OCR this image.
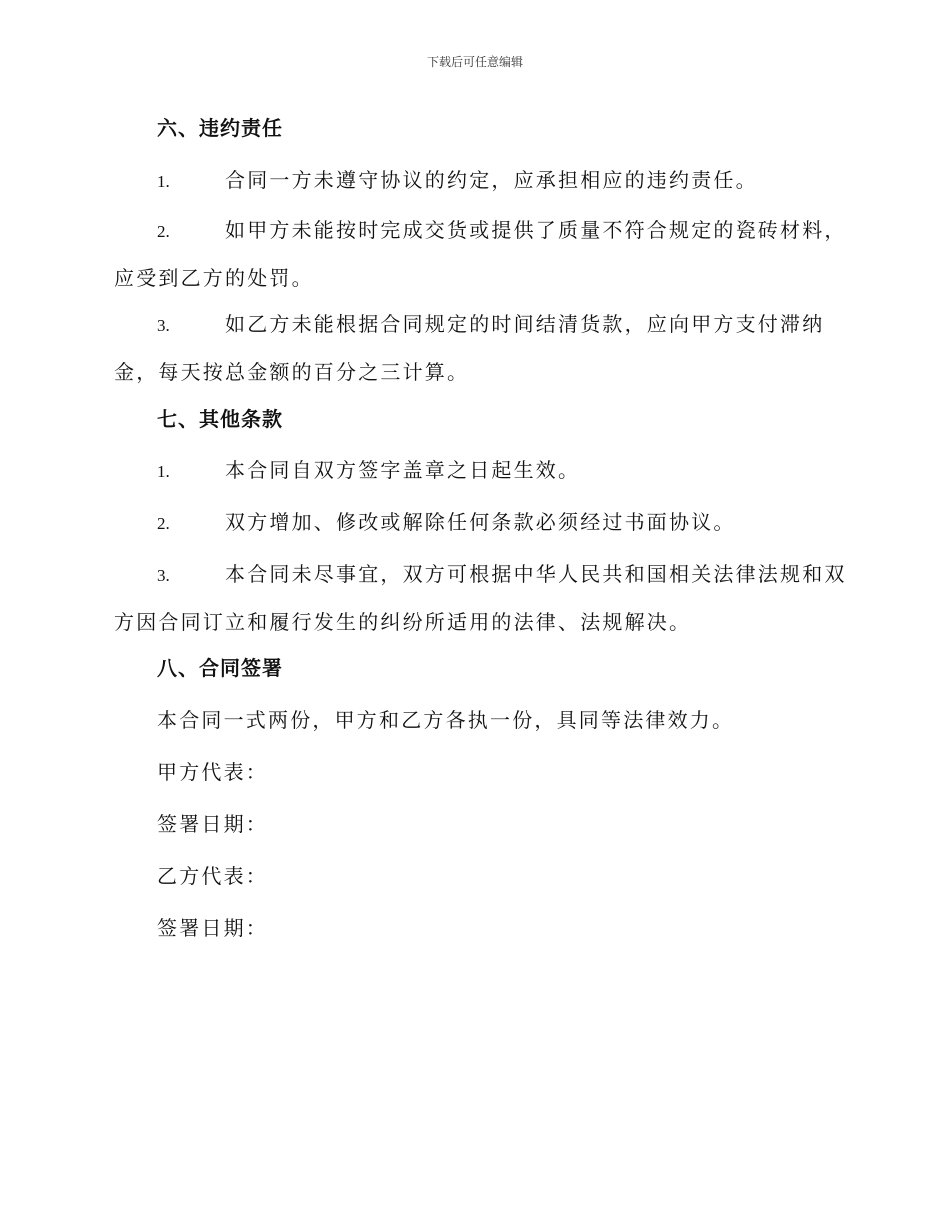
下载后可任意编辑
六、违约责任
1.	合同一方未遵守协议的约定，应承担相应的违约责任。
2.	如甲方未能按时完成交货或提供了质量不符合规定的瓷砖材料，
应受到乙方的处罚。
3.	如乙方未能根据合同规定的时间结清货款，应向甲方支付滞纳
金，每天按总金额的百分之三计算。
七、其他条款
1.	本合同自双方签字盖章之日起生效。
2.	双方增加、修改或解除任何条款必须经过书面协议。
3.	本合同未尽事宜，双方可根据中华人民共和国相关法律法规和双
方因合同订立和履行发生的纠纷所适用的法律、法规解决。
八、合同签署
本合同一式两份，甲方和乙方各执一份，具同等法律效力。
甲方代表：
签署日期：
乙方代表：
签署日期：
